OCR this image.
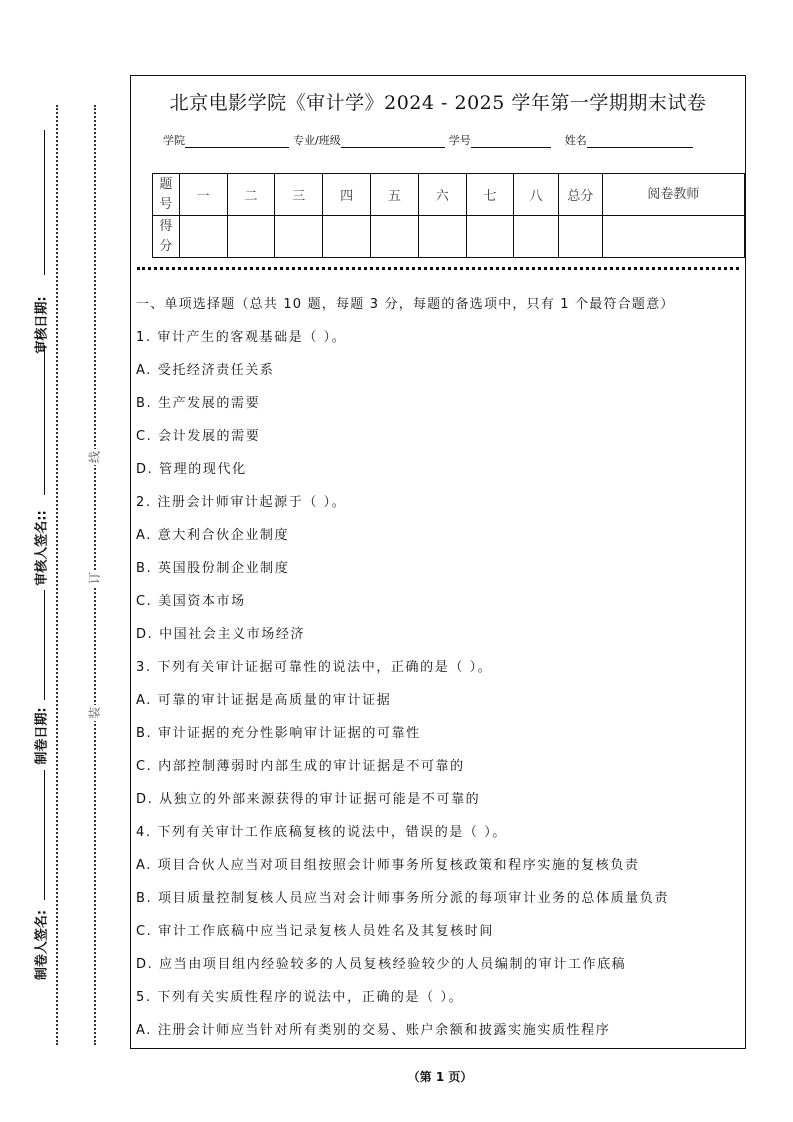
审核日期:
审核人签名::
制卷日期:
制卷人签名:
线
订
装
北京电影学院《审计学》2024 - 2025 学年第一学期期末试卷
学院	专业/班级	学号	姓名
题号	一	二	三	四	五	六	七	八	总分	阅卷教师
得分										
一、单项选择题（总共 10 题，每题 3 分，每题的备选项中，只有 1 个最符合题意）
1. 审计产生的客观基础是（ ）。
A. 受托经济责任关系
B. 生产发展的需要
C. 会计发展的需要
D. 管理的现代化
2. 注册会计师审计起源于（ ）。
A. 意大利合伙企业制度
B. 英国股份制企业制度
C. 美国资本市场
D. 中国社会主义市场经济
3. 下列有关审计证据可靠性的说法中，正确的是（ ）。
A. 可靠的审计证据是高质量的审计证据
B. 审计证据的充分性影响审计证据的可靠性
C. 内部控制薄弱时内部生成的审计证据是不可靠的
D. 从独立的外部来源获得的审计证据可能是不可靠的
4. 下列有关审计工作底稿复核的说法中，错误的是（ ）。
A. 项目合伙人应当对项目组按照会计师事务所复核政策和程序实施的复核负责
B. 项目质量控制复核人员应当对会计师事务所分派的每项审计业务的总体质量负责
C. 审计工作底稿中应当记录复核人员姓名及其复核时间
D. 应当由项目组内经验较多的人员复核经验较少的人员编制的审计工作底稿
5. 下列有关实质性程序的说法中，正确的是（ ）。
A. 注册会计师应当针对所有类别的交易、账户余额和披露实施实质性程序
（第 1 页）
